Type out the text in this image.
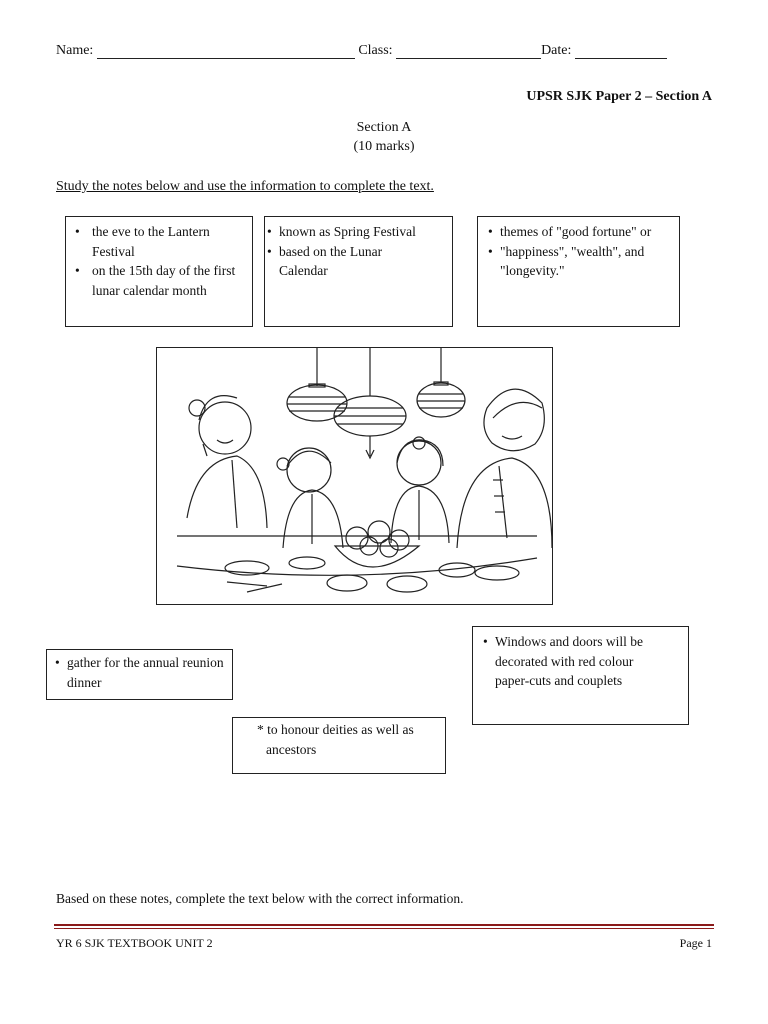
Name:	Class:	Date:
UPSR SJK Paper 2 – Section A
Section A
(10 marks)
Study the notes below and use the information to complete the text.
• the eve to the Lantern Festival
• on the 15th day of the first lunar calendar month
• known as Spring Festival
• based on the Lunar Calendar
• themes of "good fortune" or
• "happiness", "wealth", and "longevity."
• gather for the annual reunion dinner
* to honour deities as well as ancestors
• Windows and doors will be decorated with red colour paper-cuts and couplets
Based on these notes, complete the text below with the correct information.
YR 6 SJK TEXTBOOK UNIT 2	Page 1
